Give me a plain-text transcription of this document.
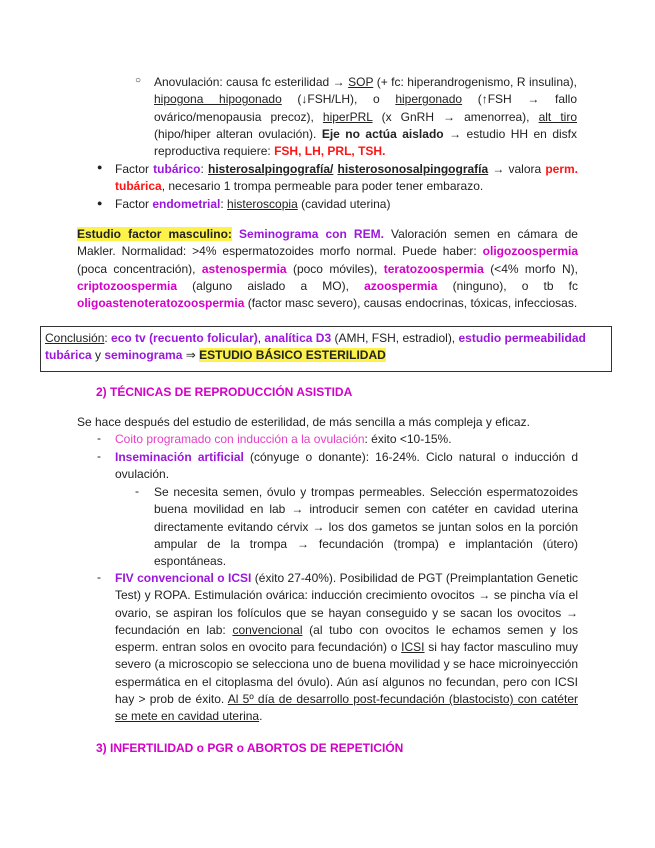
○ Anovulación: causa fc esterilidad → SOP (+ fc: hiperandrogenismo, R insulina), hipogona hipogonado (↓FSH/LH), o hipergonado (↑FSH → fallo ovárico/menopausia precoz), hiperPRL (x GnRH → amenorrea), alt tiro (hipo/hiper alteran ovulación). Eje no actúa aislado → estudio HH en disfx reproductiva requiere: FSH, LH, PRL, TSH.
● Factor tubárico: histerosalpingografía/ histerosonosalpingografía → valora perm. tubárica, necesario 1 trompa permeable para poder tener embarazo.
● Factor endometrial: histeroscopia (cavidad uterina)
Estudio factor masculino: Seminograma con REM. Valoración semen en cámara de Makler. Normalidad: >4% espermatozoides morfo normal. Puede haber: oligozoospermia (poca concentración), astenospermia (poco móviles), teratozoospermia (<4% morfo N), criptozoospermia (alguno aislado a MO), azoospermia (ninguno), o tb fc oligoastenoteratozoospermia (factor masc severo), causas endocrinas, tóxicas, infecciosas.
Conclusión: eco tv (recuento folicular), analítica D3 (AMH, FSH, estradiol), estudio permeabilidad tubárica y seminograma ⇒ ESTUDIO BÁSICO ESTERILIDAD
2) TÉCNICAS DE REPRODUCCIÓN ASISTIDA
Se hace después del estudio de esterilidad, de más sencilla a más compleja y eficaz.
- Coito programado con inducción a la ovulación: éxito <10-15%.
- Inseminación artificial (cónyuge o donante): 16-24%. Ciclo natural o inducción d ovulación.
- Se necesita semen, óvulo y trompas permeables. Selección espermatozoides buena movilidad en lab → introducir semen con catéter en cavidad uterina directamente evitando cérvix → los dos gametos se juntan solos en la porción ampular de la trompa → fecundación (trompa) e implantación (útero) espontáneas.
- FIV convencional o ICSI (éxito 27-40%). Posibilidad de PGT (Preimplantation Genetic Test) y ROPA. Estimulación ovárica: inducción crecimiento ovocitos → se pincha vía el ovario, se aspiran los folículos que se hayan conseguido y se sacan los ovocitos → fecundación en lab: convencional (al tubo con ovocitos le echamos semen y los esperm. entran solos en ovocito para fecundación) o ICSI si hay factor masculino muy severo (a microscopio se selecciona uno de buena movilidad y se hace microinyección espermática en el citoplasma del óvulo). Aún así algunos no fecundan, pero con ICSI hay > prob de éxito. Al 5º día de desarrollo post-fecundación (blastocisto) con catéter se mete en cavidad uterina.
3) INFERTILIDAD o PGR o ABORTOS DE REPETICIÓN
